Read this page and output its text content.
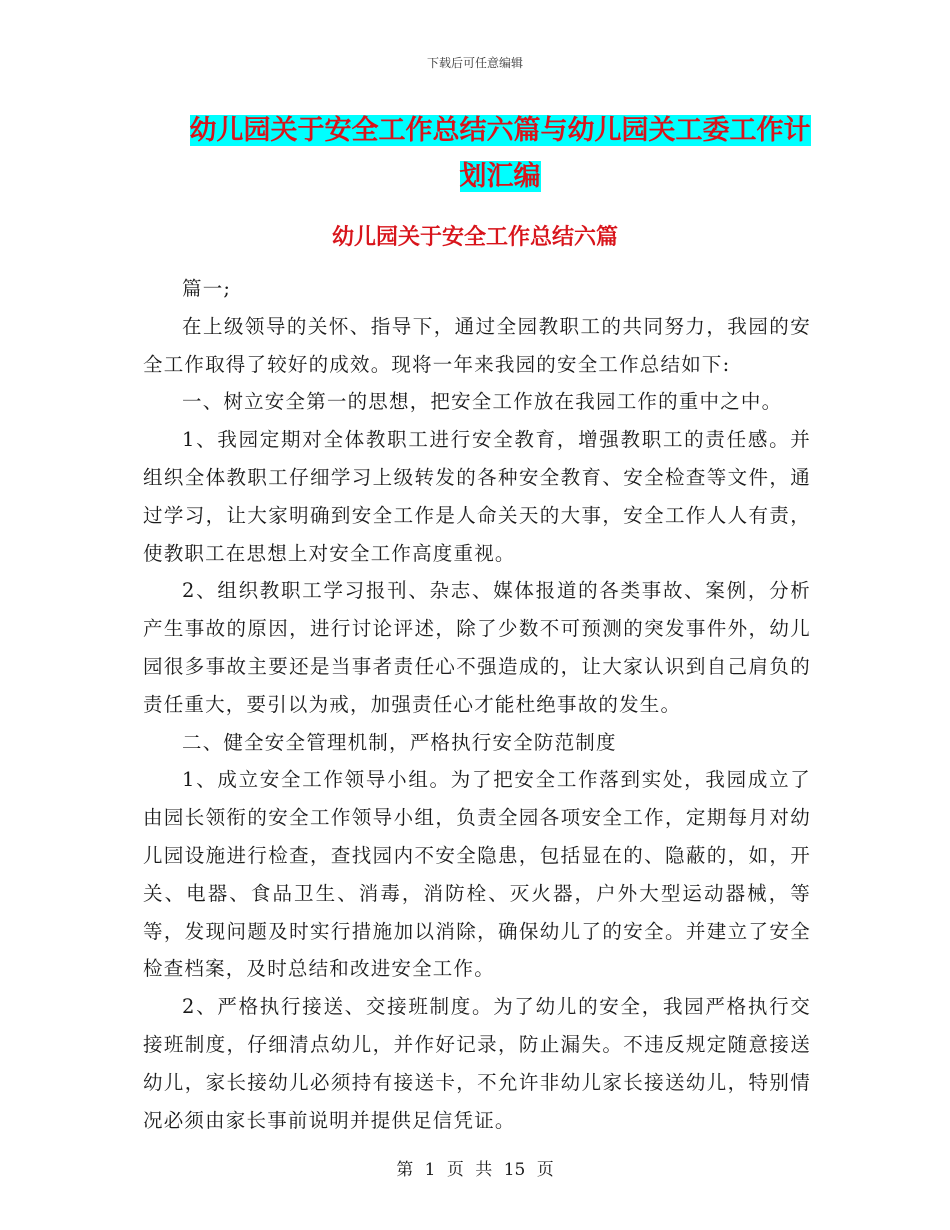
下载后可任意编辑
幼儿园关于安全工作总结六篇与幼儿园关工委工作计
划汇编
幼儿园关于安全工作总结六篇

篇一;

在上级领导的关怀、指导下，通过全园教职工的共同努力，我园的安全工作取得了较好的成效。现将一年来我园的安全工作总结如下:

一、树立安全第一的思想，把安全工作放在我园工作的重中之中。

1、我园定期对全体教职工进行安全教育，增强教职工的责任感。并组织全体教职工仔细学习上级转发的各种安全教育、安全检查等文件，通过学习，让大家明确到安全工作是人命关天的大事，安全工作人人有责，使教职工在思想上对安全工作高度重视。

2、组织教职工学习报刊、杂志、媒体报道的各类事故、案例，分析产生事故的原因，进行讨论评述，除了少数不可预测的突发事件外，幼儿园很多事故主要还是当事者责任心不强造成的，让大家认识到自己肩负的责任重大，要引以为戒，加强责任心才能杜绝事故的发生。

二、健全安全管理机制，严格执行安全防范制度

1、成立安全工作领导小组。为了把安全工作落到实处，我园成立了由园长领衔的安全工作领导小组，负责全园各项安全工作，定期每月对幼儿园设施进行检查，查找园内不安全隐患，包括显在的、隐蔽的，如，开关、电器、食品卫生、消毒，消防栓、灭火器，户外大型运动器械，等等，发现问题及时实行措施加以消除，确保幼儿了的安全。并建立了安全检查档案，及时总结和改进安全工作。

2、严格执行接送、交接班制度。为了幼儿的安全，我园严格执行交接班制度，仔细清点幼儿，并作好记录，防止漏失。不违反规定随意接送幼儿，家长接幼儿必须持有接送卡，不允许非幼儿家长接送幼儿，特别情况必须由家长事前说明并提供足信凭证。

第 1 页 共 15 页
